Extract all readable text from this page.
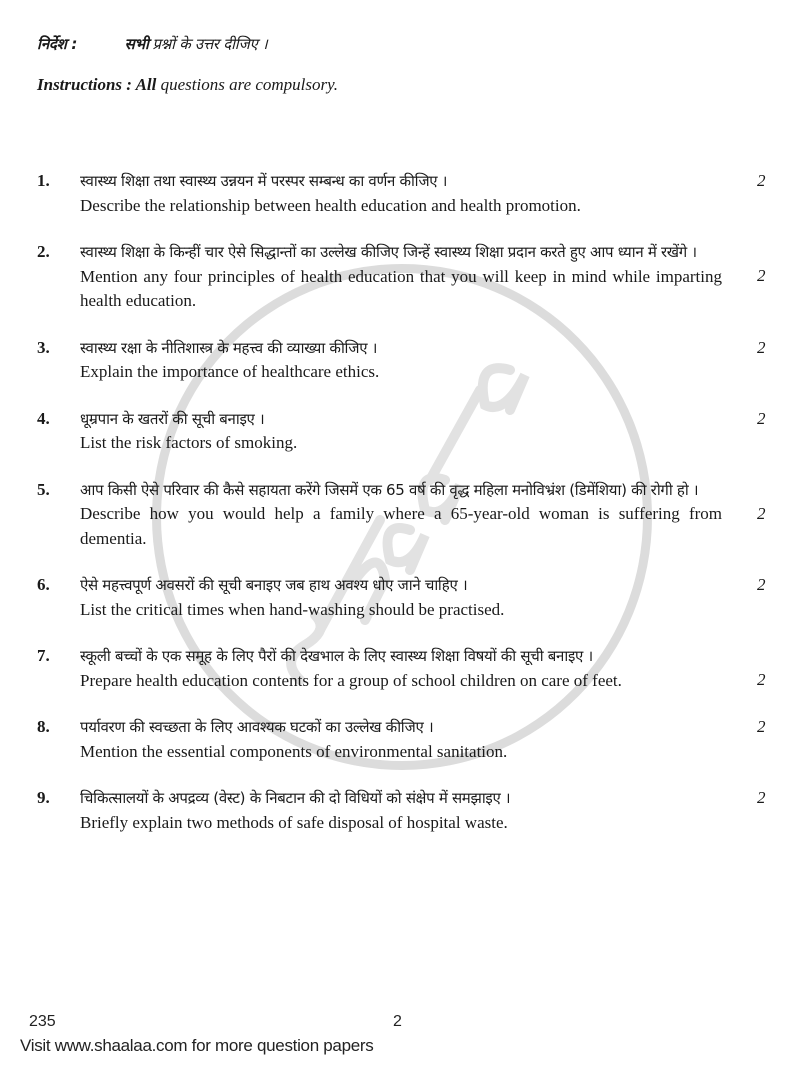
निर्देश :	सभी प्रश्नों के उत्तर दीजिए ।
Instructions : All questions are compulsory.
1. स्वास्थ्य शिक्षा तथा स्वास्थ्य उन्नयन में परस्पर सम्बन्ध का वर्णन कीजिए ।
Describe the relationship between health education and health promotion.
2
2. स्वास्थ्य शिक्षा के किन्हीं चार ऐसे सिद्धान्तों का उल्लेख कीजिए जिन्हें स्वास्थ्य शिक्षा प्रदान करते हुए आप ध्यान में रखेंगे ।
Mention any four principles of health education that you will keep in mind while imparting health education.
2
3. स्वास्थ्य रक्षा के नीतिशास्त्र के महत्त्व की व्याख्या कीजिए ।
Explain the importance of healthcare ethics.
2
4. धूम्रपान के खतरों की सूची बनाइए ।
List the risk factors of smoking.
2
5. आप किसी ऐसे परिवार की कैसे सहायता करेंगे जिसमें एक 65 वर्ष की वृद्ध महिला मनोविभ्रंश (डिमेंशिया) की रोगी हो ।
Describe how you would help a family where a 65-year-old woman is suffering from dementia.
2
6. ऐसे महत्त्वपूर्ण अवसरों की सूची बनाइए जब हाथ अवश्य धोए जाने चाहिए ।
List the critical times when hand-washing should be practised.
2
7. स्कूली बच्चों के एक समूह के लिए पैरों की देखभाल के लिए स्वास्थ्य शिक्षा विषयों की सूची बनाइए ।
Prepare health education contents for a group of school children on care of feet.	2
8. पर्यावरण की स्वच्छता के लिए आवश्यक घटकों का उल्लेख कीजिए ।
Mention the essential components of environmental sanitation.
2
9. चिकित्सालयों के अपद्रव्य (वेस्ट) के निबटान की दो विधियों को संक्षेप में समझाइए ।
Briefly explain two methods of safe disposal of hospital waste.
2
235	2
Visit www.shaalaa.com for more question papers
